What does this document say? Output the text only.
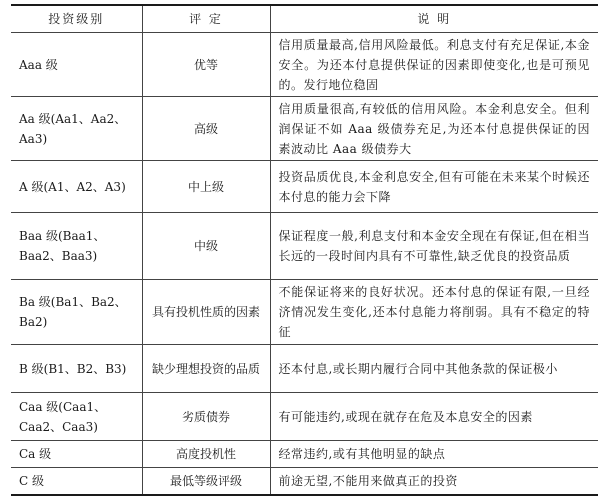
投资级别	评 定	说 明
Aaa 级	优等	信用质量最高,信用风险最低。利息支付有充足保证,本金安全。为还本付息提供保证的因素即使变化,也是可预见的。发行地位稳固
Aa 级(Aa1、Aa2、Aa3)	高级	信用质量很高,有较低的信用风险。本金利息安全。但利润保证不如 Aaa 级债券充足,为还本付息提供保证的因素波动比 Aaa 级债券大
A 级(A1、A2、A3)	中上级	投资品质优良,本金利息安全,但有可能在未来某个时候还本付息的能力会下降
Baa 级(Baa1、Baa2、Baa3)	中级	保证程度一般,利息支付和本金安全现在有保证,但在相当长远的一段时间内具有不可靠性,缺乏优良的投资品质
Ba 级(Ba1、Ba2、Ba2)	具有投机性质的因素	不能保证将来的良好状况。还本付息的保证有限,一旦经济情况发生变化,还本付息能力将削弱。具有不稳定的特征
B 级(B1、B2、B3)	缺少理想投资的品质	还本付息,或长期内履行合同中其他条款的保证极小
Caa 级(Caa1、Caa2、Caa3)	劣质债券	有可能违约,或现在就存在危及本息安全的因素
Ca 级	高度投机性	经常违约,或有其他明显的缺点
C 级	最低等级评级	前途无望,不能用来做真正的投资
